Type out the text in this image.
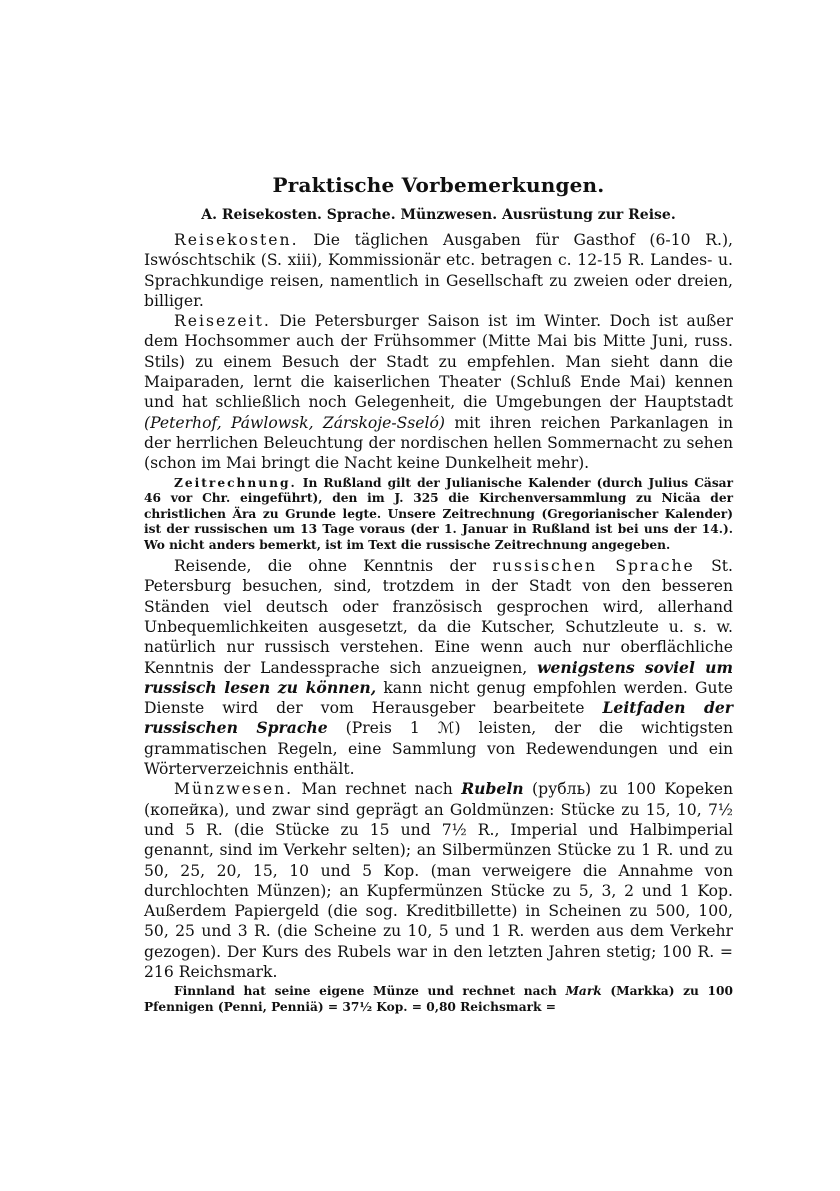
Praktische Vorbemerkungen.
A. Reisekosten. Sprache. Münzwesen. Ausrüstung zur Reise.

Reisekosten. Die täglichen Ausgaben für Gasthof (6-10 R.), Iswóschtschik (S. xiii), Kommissionär etc. betragen c. 12-15 R. Landes- u. Sprachkundige reisen, namentlich in Gesellschaft zu zweien oder dreien, billiger.

Reisezeit. Die Petersburger Saison ist im Winter. Doch ist außer dem Hochsommer auch der Frühsommer (Mitte Mai bis Mitte Juni, russ. Stils) zu einem Besuch der Stadt zu empfehlen. Man sieht dann die Maiparaden, lernt die kaiserlichen Theater (Schluß Ende Mai) kennen und hat schließlich noch Gelegenheit, die Umgebungen der Hauptstadt (Peterhof, Páwlowsk, Zárskoje-Sseló) mit ihren reichen Parkanlagen in der herrlichen Beleuchtung der nordischen hellen Sommernacht zu sehen (schon im Mai bringt die Nacht keine Dunkelheit mehr).

Zeitrechnung. In Rußland gilt der Julianische Kalender (durch Julius Cäsar 46 vor Chr. eingeführt), den im J. 325 die Kirchenversammlung zu Nicäa der christlichen Ära zu Grunde legte. Unsere Zeitrechnung (Gregorianischer Kalender) ist der russischen um 13 Tage voraus (der 1. Januar in Rußland ist bei uns der 14.). Wo nicht anders bemerkt, ist im Text die russische Zeitrechnung angegeben.

Reisende, die ohne Kenntnis der russischen Sprache St. Petersburg besuchen, sind, trotzdem in der Stadt von den besseren Ständen viel deutsch oder französisch gesprochen wird, allerhand Unbequemlichkeiten ausgesetzt, da die Kutscher, Schutzleute u. s. w. natürlich nur russisch verstehen. Eine wenn auch nur oberflächliche Kenntnis der Landessprache sich anzueignen, wenigstens soviel um russisch lesen zu können, kann nicht genug empfohlen werden. Gute Dienste wird der vom Herausgeber bearbeitete Leitfaden der russischen Sprache (Preis 1 ℳ) leisten, der die wichtigsten grammatischen Regeln, eine Sammlung von Redewendungen und ein Wörterverzeichnis enthält.

Münzwesen. Man rechnet nach Rubeln (рубль) zu 100 Kopeken (копейка), und zwar sind geprägt an Goldmünzen: Stücke zu 15, 10, 7½ und 5 R. (die Stücke zu 15 und 7½ R., Imperial und Halbimperial genannt, sind im Verkehr selten); an Silbermünzen Stücke zu 1 R. und zu 50, 25, 20, 15, 10 und 5 Kop. (man verweigere die Annahme von durchlochten Münzen); an Kupfermünzen Stücke zu 5, 3, 2 und 1 Kop. Außerdem Papiergeld (die sog. Kreditbillette) in Scheinen zu 500, 100, 50, 25 und 3 R. (die Scheine zu 10, 5 und 1 R. werden aus dem Verkehr gezogen). Der Kurs des Rubels war in den letzten Jahren stetig; 100 R. = 216 Reichsmark.

Finnland hat seine eigene Münze und rechnet nach Mark (Markka) zu 100 Pfennigen (Penni, Penniä) = 37½ Kop. = 0,80 Reichsmark =
